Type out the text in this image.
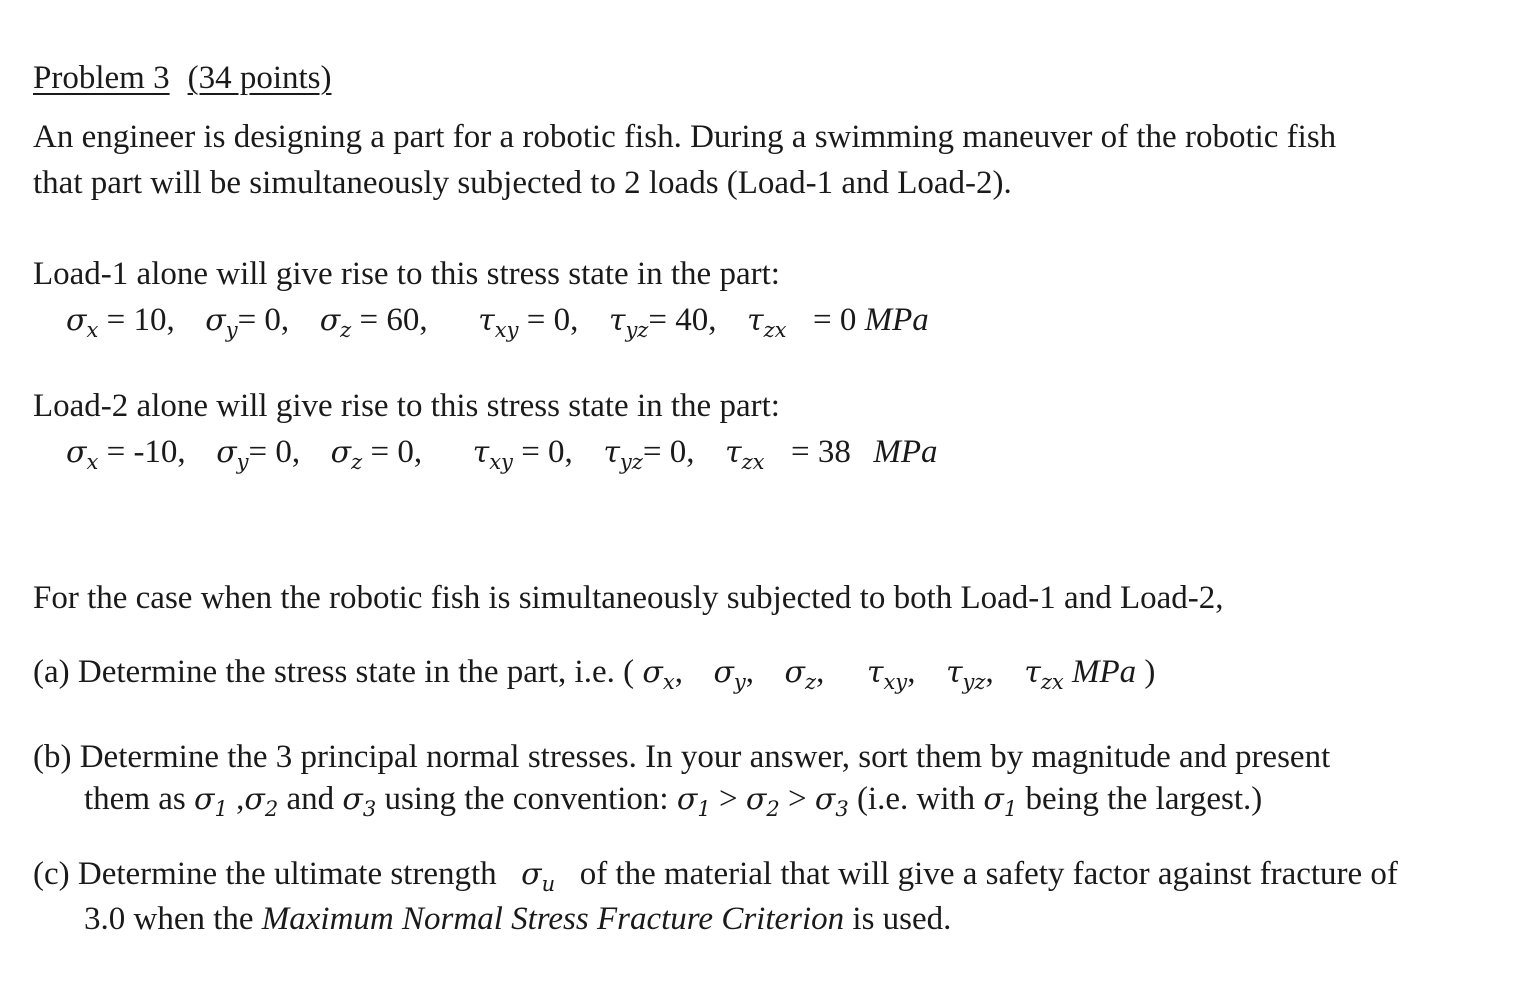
Problem 3 (34 points)
An engineer is designing a part for a robotic fish. During a swimming maneuver of the robotic fish
that part will be simultaneously subjected to 2 loads (Load-1 and Load-2).
Load-1 alone will give rise to this stress state in the part:
$\sigma_x = 10$, $\sigma_y= 0$, $\sigma_z = 60$, $\tau_{xy} = 0$, $\tau_{yz}= 40$, $\tau_{zx} = 0$ MPa
Load-2 alone will give rise to this stress state in the part:
$\sigma_x = -10$, $\sigma_y= 0$, $\sigma_z = 0$, $\tau_{xy} = 0$, $\tau_{yz}= 0$, $\tau_{zx} = 38$ MPa
For the case when the robotic fish is simultaneously subjected to both Load-1 and Load-2,
(a) Determine the stress state in the part, i.e. ( $\sigma_x$, $\sigma_y$, $\sigma_z$, $\tau_{xy}$, $\tau_{yz}$, $\tau_{zx}$ MPa )
(b) Determine the 3 principal normal stresses. In your answer, sort them by magnitude and present
them as $\sigma_1$ $,\sigma_2$ and $\sigma_3$ using the convention: $\sigma_1 > \sigma_2 > \sigma_3$ (i.e. with $\sigma_1$ being the largest.)
(c) Determine the ultimate strength $\sigma_u$ of the material that will give a safety factor against fracture of
3.0 when the Maximum Normal Stress Fracture Criterion is used.
